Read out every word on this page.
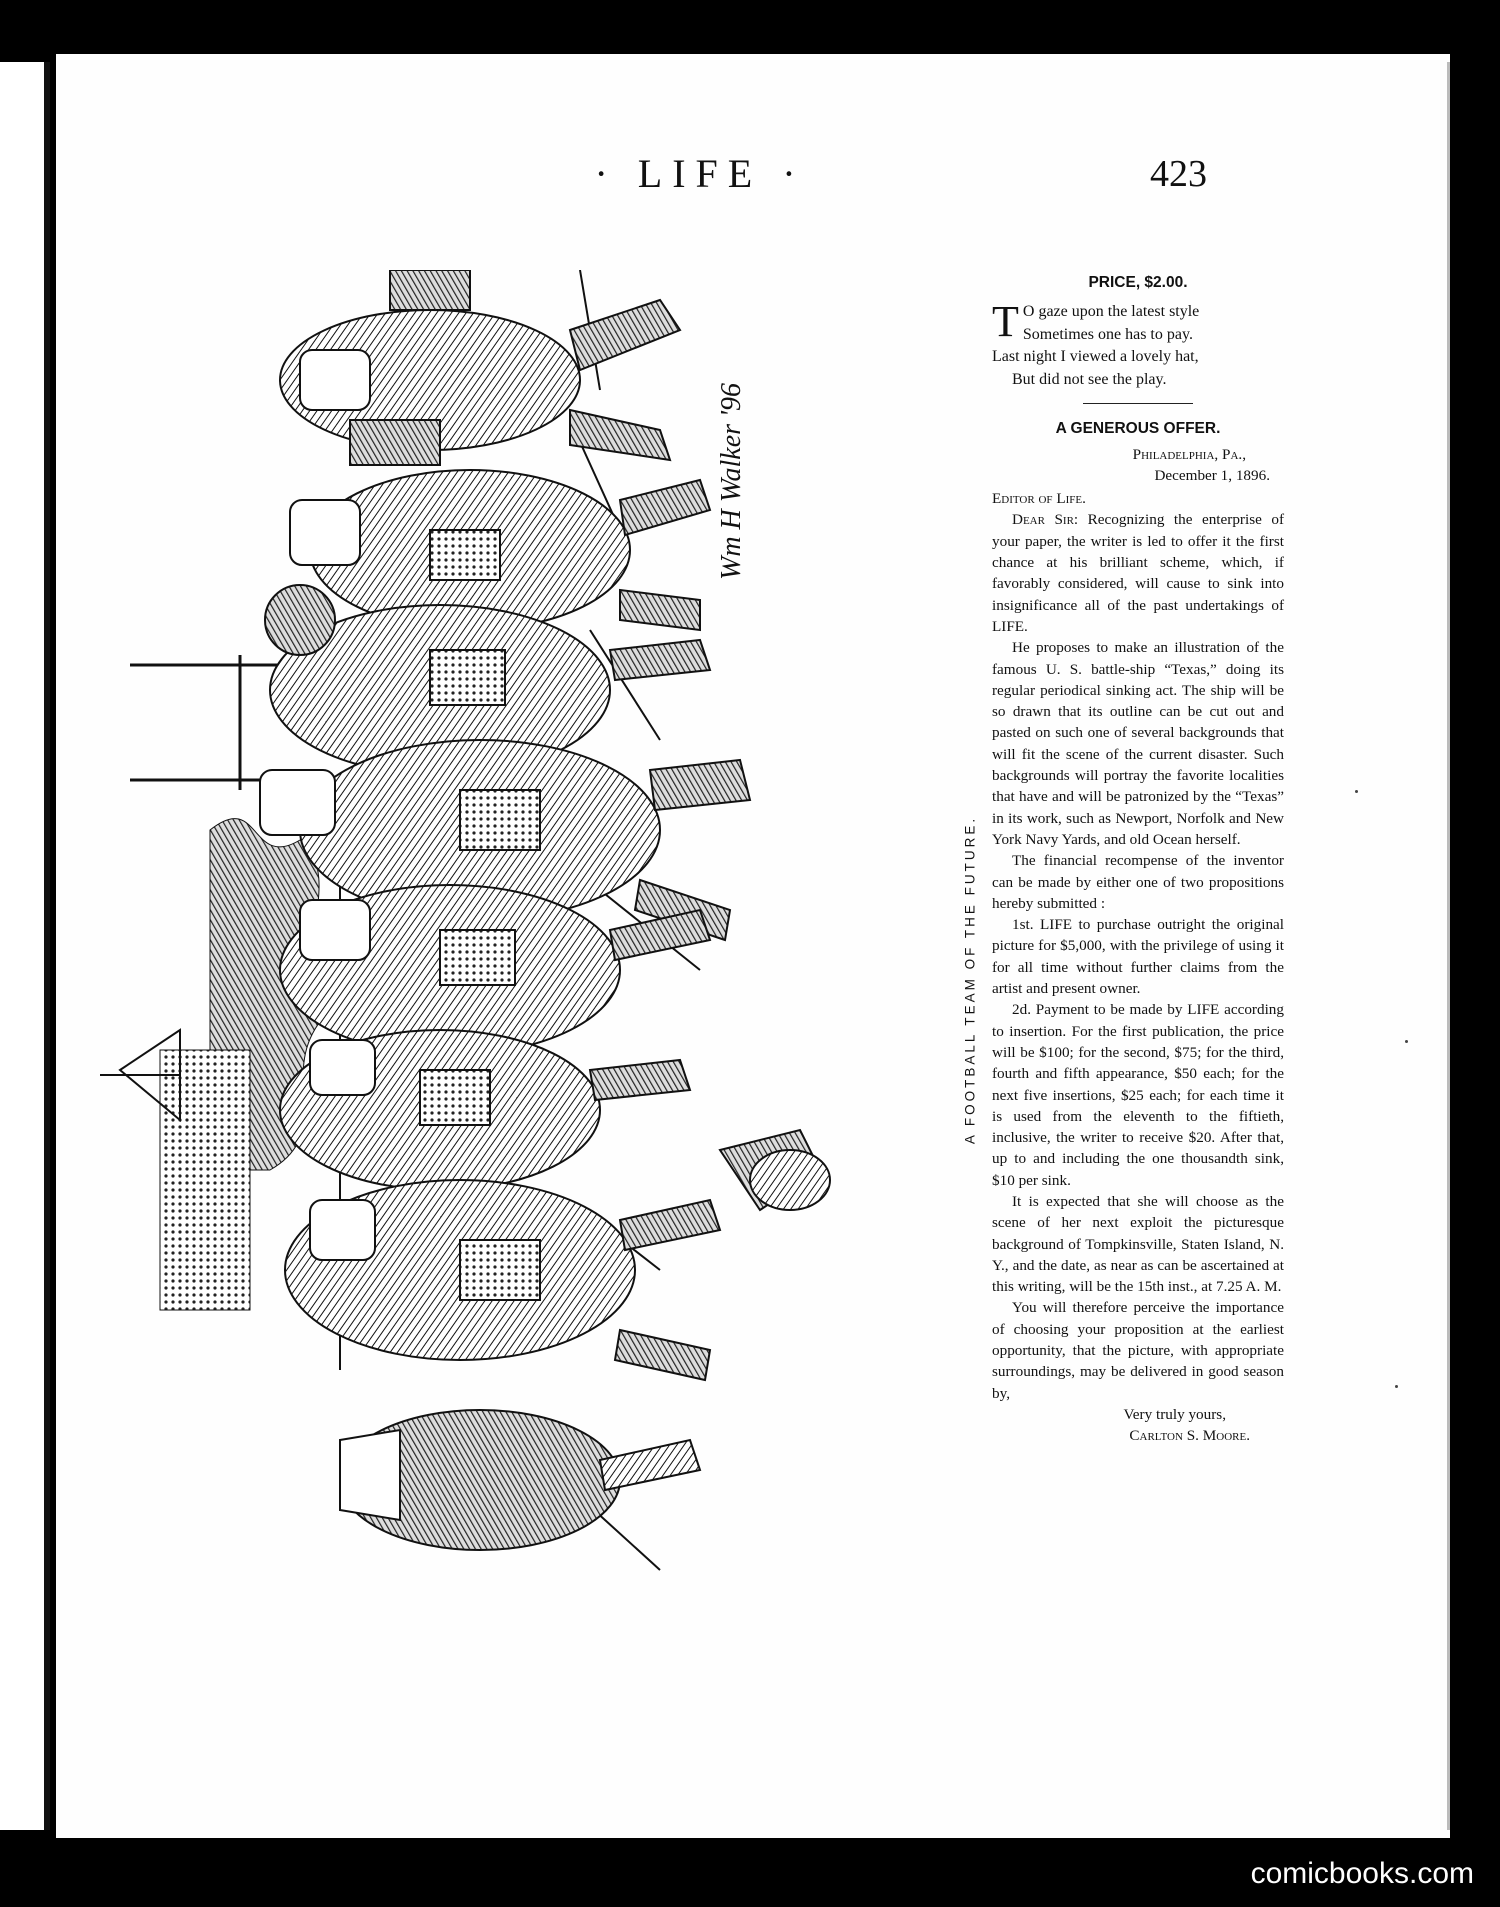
· LIFE ·	423
Wm H Walker '96
A FOOTBALL TEAM OF THE FUTURE.

PRICE, $2.00.

T O gaze upon the latest style
Sometimes one has to pay.
Last night I viewed a lovely hat,
But did not see the play.

A GENEROUS OFFER.

Philadelphia, Pa.,
December 1, 1896.
Editor of Life.

Dear Sir: Recognizing the enterprise of your paper, the writer is led to offer it the first chance at his brilliant scheme, which, if favorably considered, will cause to sink into insignificance all of the past undertakings of LIFE.

He proposes to make an illustration of the famous U. S. battle-ship “Texas,” doing its regular periodical sinking act. The ship will be so drawn that its outline can be cut out and pasted on such one of several backgrounds that will fit the scene of the current disaster. Such backgrounds will portray the favorite localities that have and will be patronized by the “Texas” in its work, such as Newport, Norfolk and New York Navy Yards, and old Ocean herself.

The financial recompense of the inventor can be made by either one of two propositions hereby submitted :

1st. LIFE to purchase outright the original picture for $5,000, with the privilege of using it for all time without further claims from the artist and present owner.

2d. Payment to be made by LIFE according to insertion. For the first publication, the price will be $100; for the second, $75; for the third, fourth and fifth appearance, $50 each; for the next five insertions, $25 each; for each time it is used from the eleventh to the fiftieth, inclusive, the writer to receive $20. After that, up to and including the one thousandth sink, $10 per sink.

It is expected that she will choose as the scene of her next exploit the picturesque background of Tompkinsville, Staten Island, N. Y., and the date, as near as can be ascertained at this writing, will be the 15th inst., at 7.25 A. M.

You will therefore perceive the importance of choosing your proposition at the earliest opportunity, that the picture, with appropriate surroundings, may be delivered in good season by,

Very truly yours,
Carlton S. Moore.
comicbooks.com
